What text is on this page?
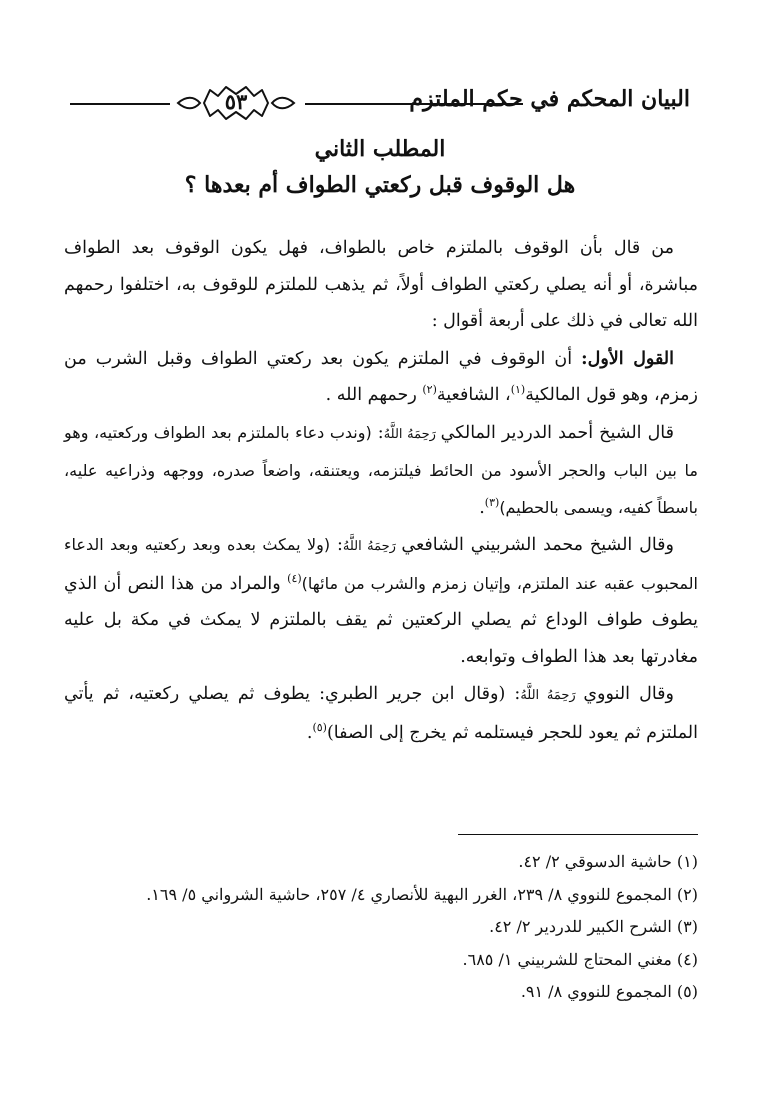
البيان المحكم في حكم الملتزم
٥٣
المطلب الثاني
هل الوقوف قبل ركعتي الطواف أم بعدها ؟

من قال بأن الوقوف بالملتزم خاص بالطواف، فهل يكون الوقوف بعد الطواف مباشرة، أو أنه يصلي ركعتي الطواف أولاً، ثم يذهب للملتزم للوقوف به، اختلفوا رحمهم الله تعالى في ذلك على أربعة أقوال :

القول الأول: أن الوقوف في الملتزم يكون بعد ركعتي الطواف وقبل الشرب من زمزم، وهو قول المالكية$^{(١)}$، الشافعية$^{(٢)}$ رحمهم الله .

قال الشيخ أحمد الدردير المالكي رَحِمَهُ اللَّهُ: (وندب دعاء بالملتزم بعد الطواف وركعتيه، وهو ما بين الباب والحجر الأسود من الحائط فيلتزمه، ويعتنقه، واضعاً صدره، ووجهه وذراعيه عليه، باسطاً كفيه، ويسمى بالحطيم)$^{(٣)}$.

وقال الشيخ محمد الشربيني الشافعي رَحِمَهُ اللَّهُ: (ولا يمكث بعده وبعد ركعتيه وبعد الدعاء المحبوب عقبه عند الملتزم، وإتيان زمزم والشرب من مائها)$^{(٤)}$ والمراد من هذا النص أن الذي يطوف طواف الوداع ثم يصلي الركعتين ثم يقف بالملتزم لا يمكث في مكة بل عليه مغادرتها بعد هذا الطواف وتوابعه.

وقال النووي رَحِمَهُ اللَّهُ: (وقال ابن جرير الطبري: يطوف ثم يصلي ركعتيه، ثم يأتي الملتزم ثم يعود للحجر فيستلمه ثم يخرج إلى الصفا)$^{(٥)}$.

(١) حاشية الدسوقي ٢/ ٤٢.

(٢) المجموع للنووي ٨/ ٢٣٩، الغرر البهية للأنصاري ٤/ ٢٥٧، حاشية الشرواني ٥/ ١٦٩.

(٣) الشرح الكبير للدردير ٢/ ٤٢.

(٤) مغني المحتاج للشربيني ١/ ٦٨٥.

(٥) المجموع للنووي ٨/ ٩١.
